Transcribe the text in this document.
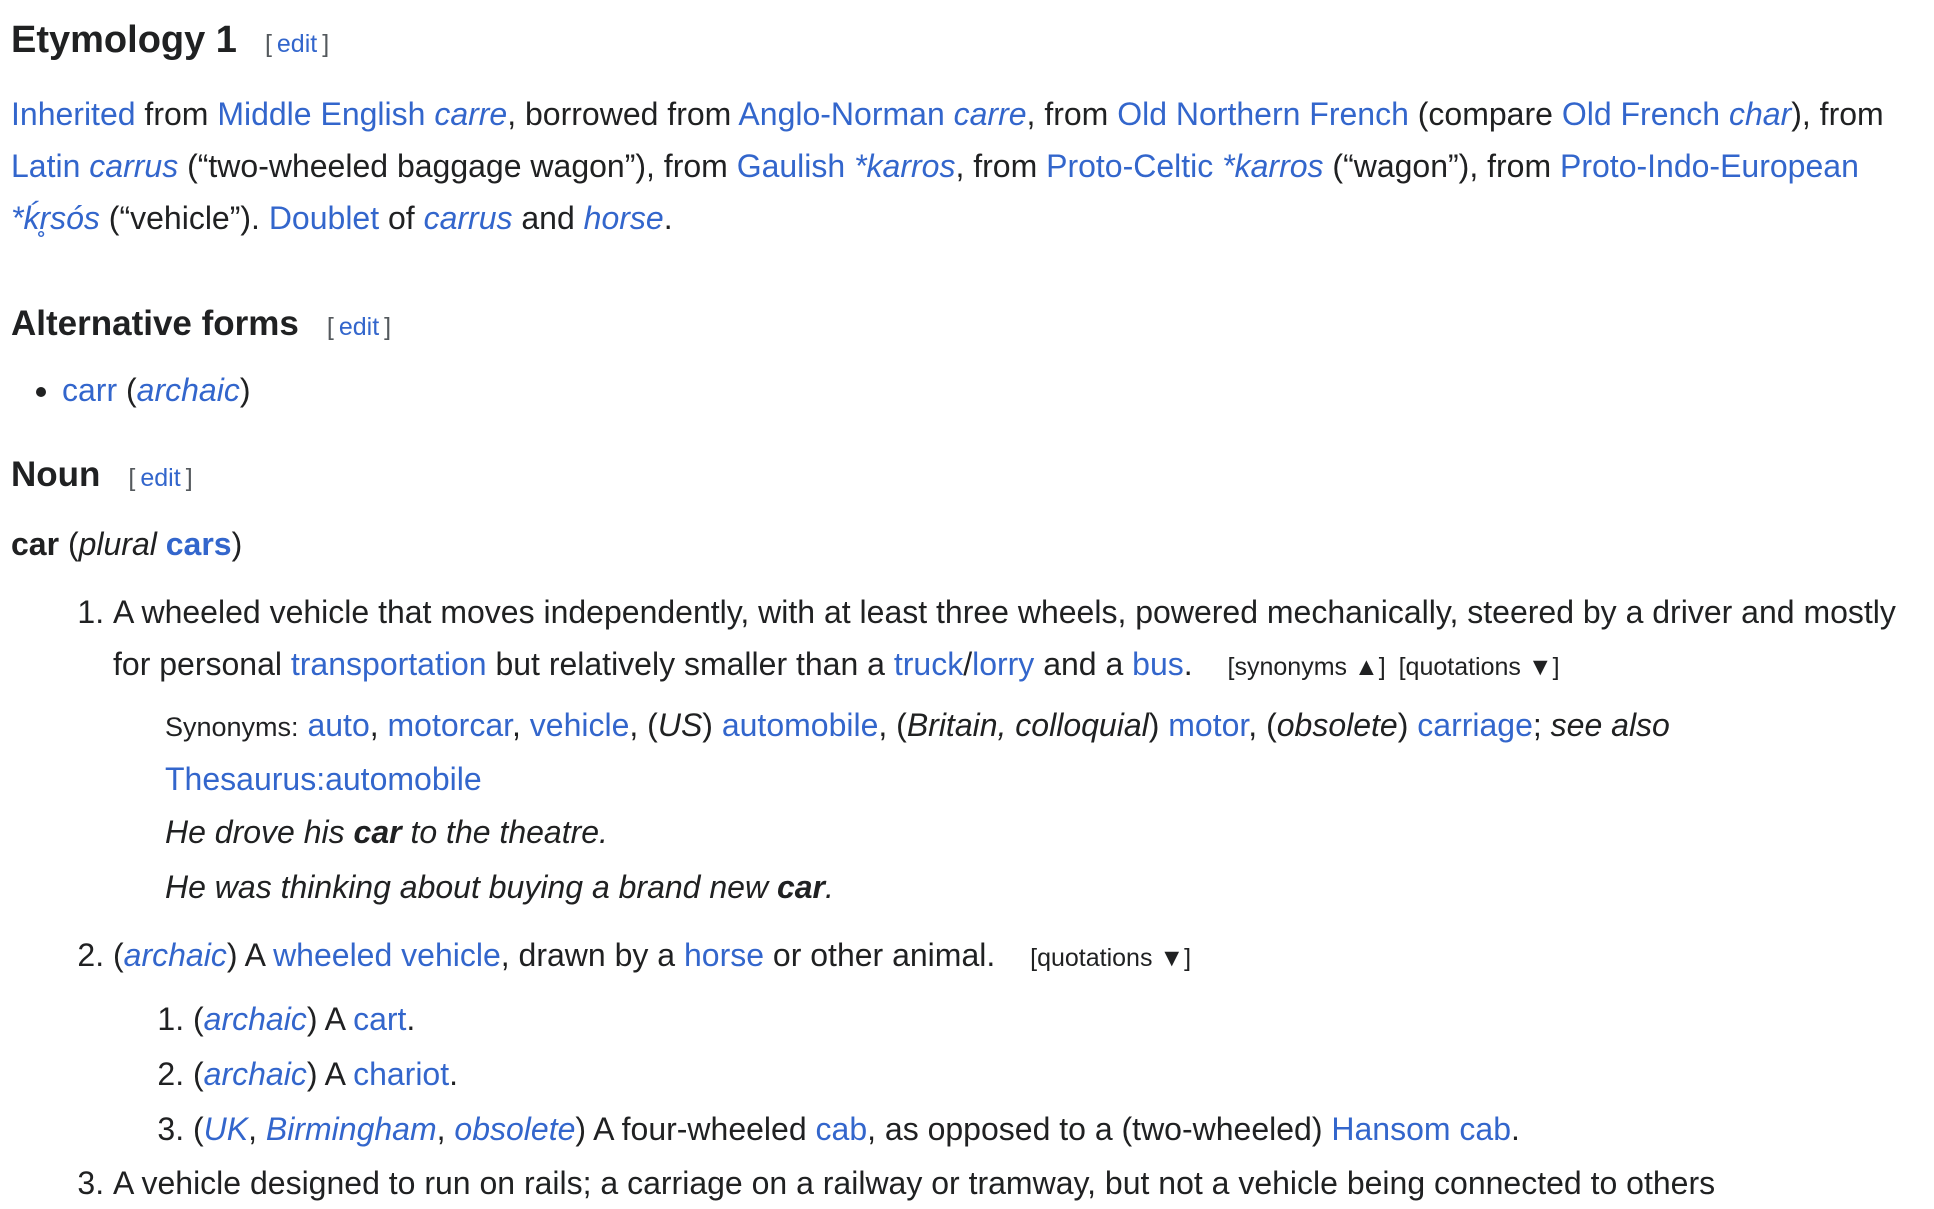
Etymology 1 [ edit ]

Inherited from Middle English carre, borrowed from Anglo-Norman carre, from Old Northern French (compare Old French char), from Latin carrus (“two-wheeled baggage wagon”), from Gaulish *karros, from Proto-Celtic *karros (“wagon”), from Proto-Indo-European *ḱr̥sós (“vehicle”). Doublet of carrus and horse.

Alternative forms [ edit ]
• carr (archaic)
Noun [ edit ]

car (plural cars)

1. A wheeled vehicle that moves independently, with at least three wheels, powered mechanically, steered by a driver and mostly for personal transportation but relatively smaller than a truck/lorry and a bus. [synonyms ▲] [quotations ▼]
Synonyms: auto, motorcar, vehicle, (US) automobile, (Britain, colloquial) motor, (obsolete) carriage; see also Thesaurus:automobile
He drove his car to the theatre.
He was thinking about buying a brand new car.
2. (archaic) A wheeled vehicle, drawn by a horse or other animal. [quotations ▼]
1. (archaic) A cart.
2. (archaic) A chariot.
3. (UK, Birmingham, obsolete) A four-wheeled cab, as opposed to a (two-wheeled) Hansom cab.
3. A vehicle designed to run on rails; a carriage on a railway or tramway, but not a vehicle being connected to others
